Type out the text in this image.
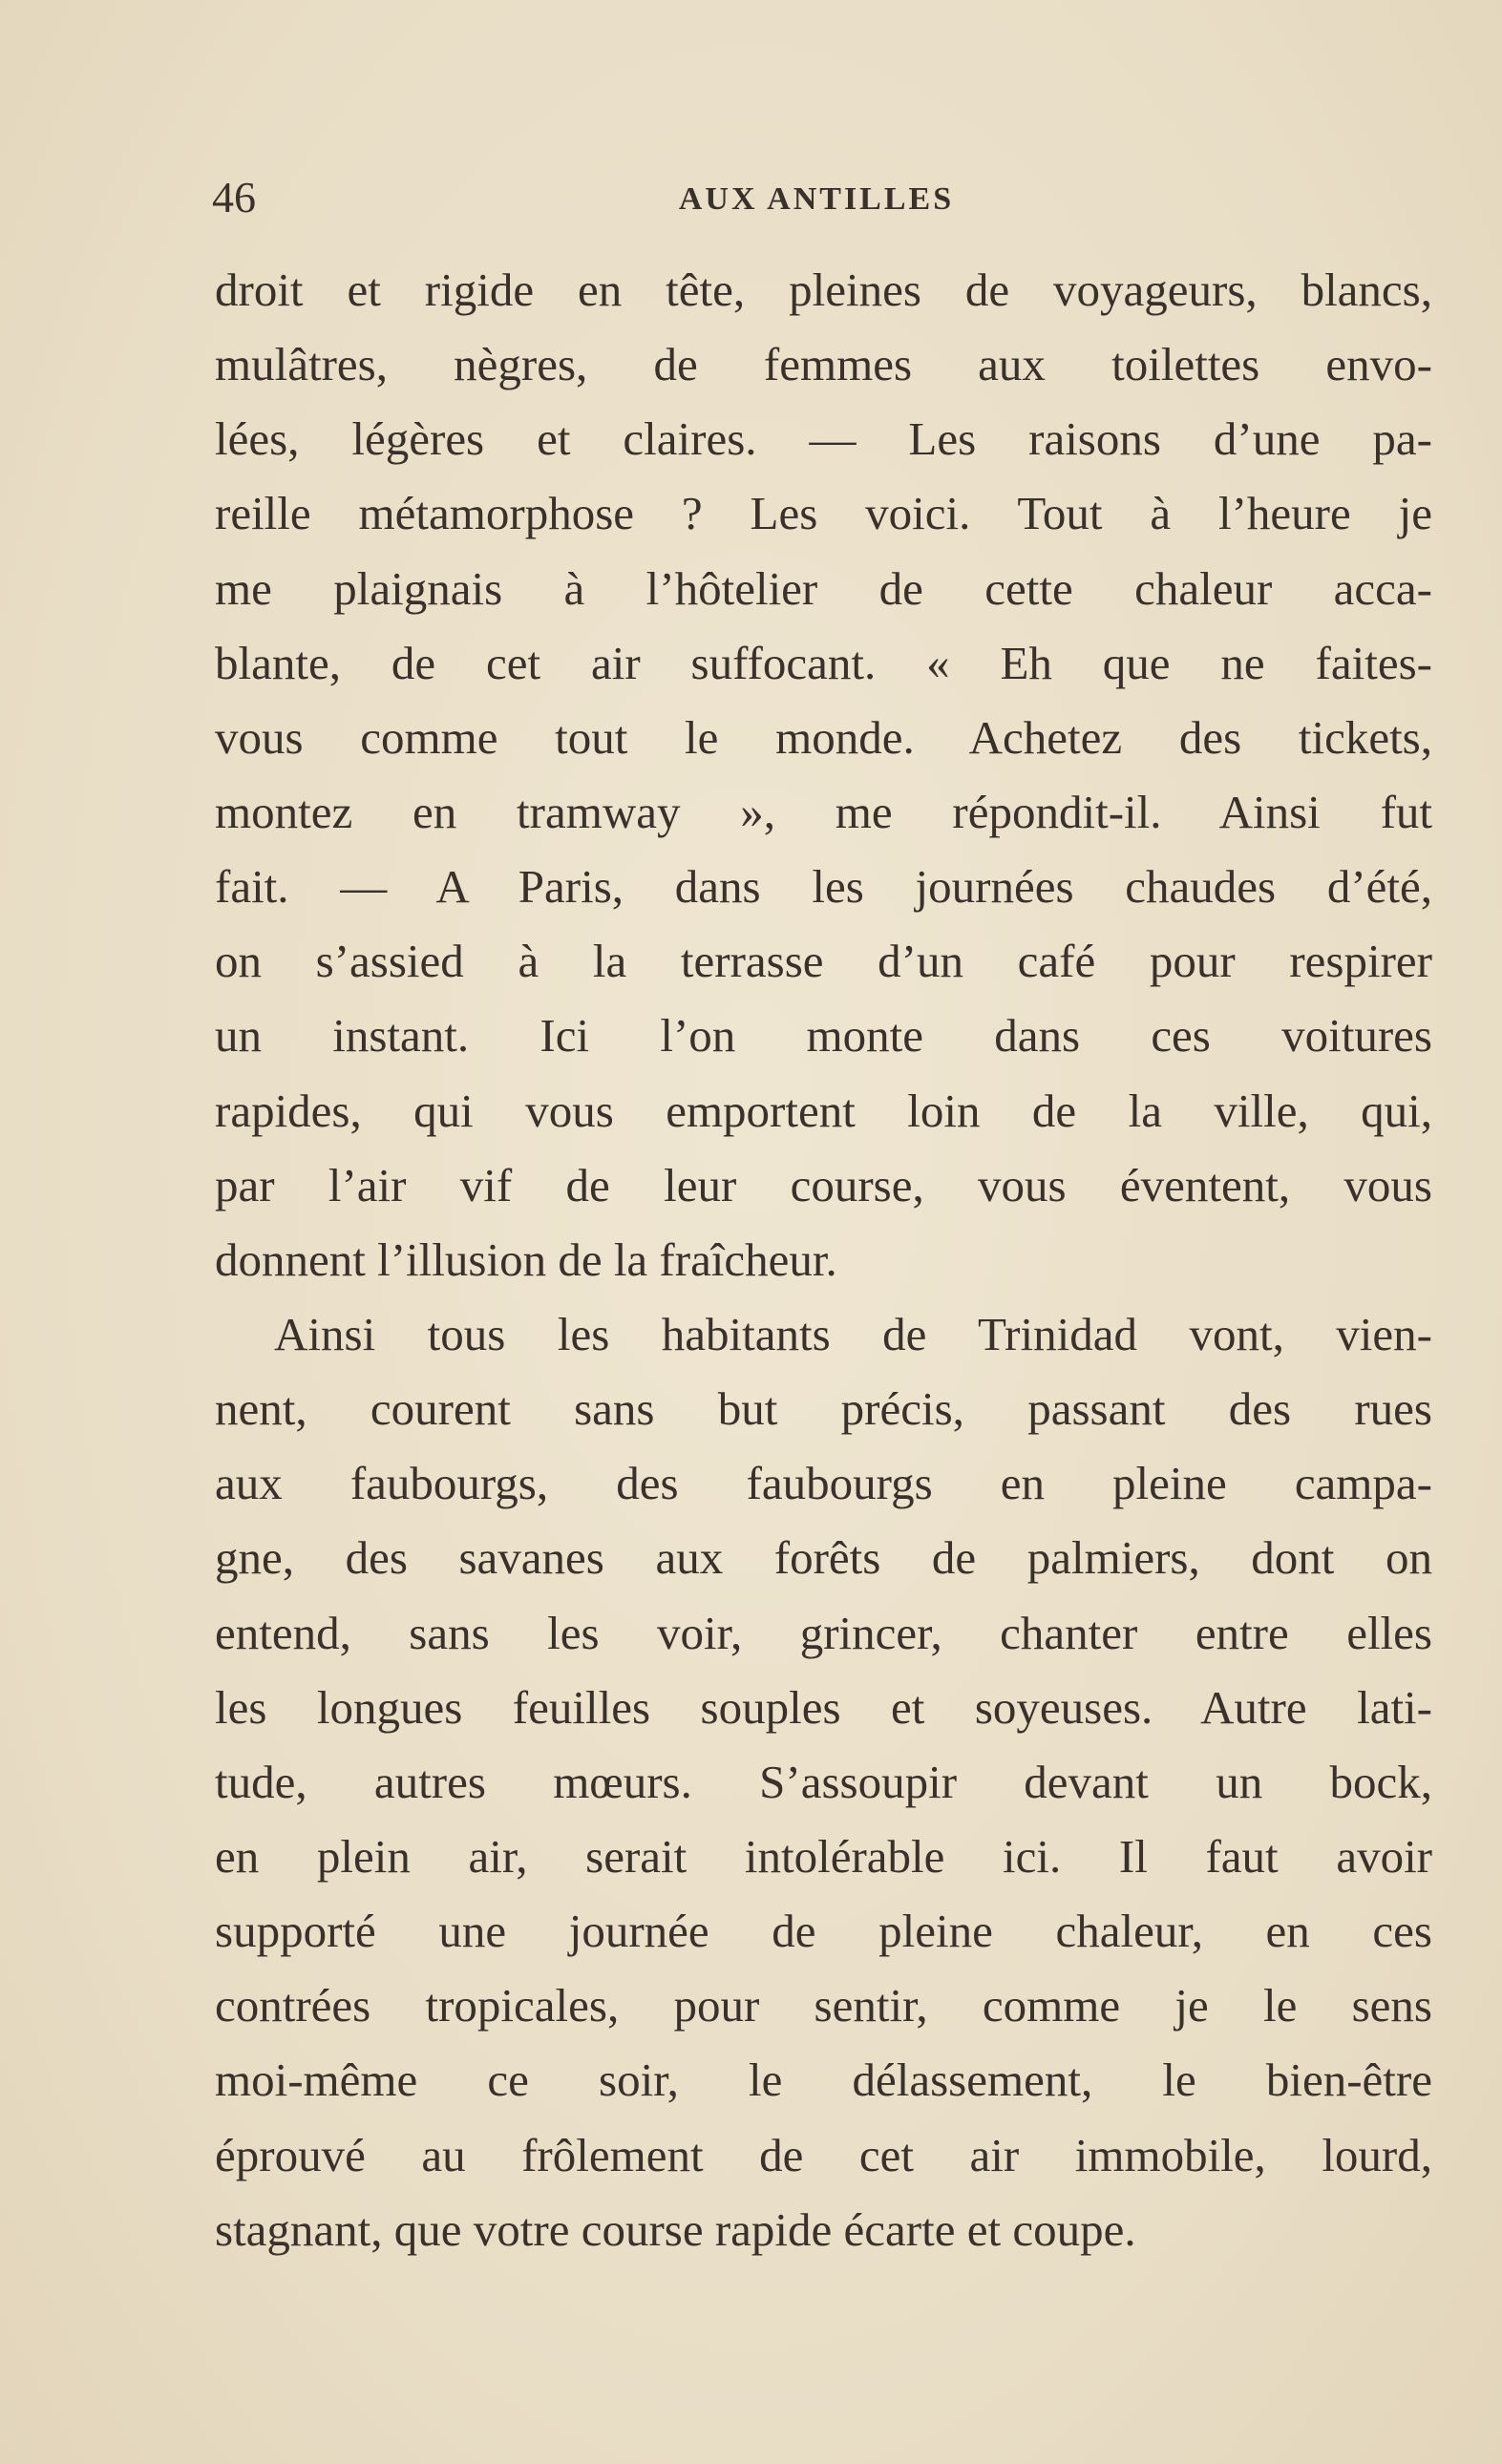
46	AUX ANTILLES
droit et rigide en tête, pleines de voyageurs, blancs,
mulâtres, nègres, de femmes aux toilettes envo-
lées, légères et claires. — Les raisons d’une pa-
reille métamorphose ? Les voici. Tout à l’heure je
me plaignais à l’hôtelier de cette chaleur acca-
blante, de cet air suffocant. « Eh que ne faites-
vous comme tout le monde. Achetez des tickets,
montez en tramway », me répondit-il. Ainsi fut
fait. — A Paris, dans les journées chaudes d’été,
on s’assied à la terrasse d’un café pour respirer
un instant. Ici l’on monte dans ces voitures
rapides, qui vous emportent loin de la ville, qui,
par l’air vif de leur course, vous éventent, vous
donnent l’illusion de la fraîcheur.
Ainsi tous les habitants de Trinidad vont, vien-
nent, courent sans but précis, passant des rues
aux faubourgs, des faubourgs en pleine campa-
gne, des savanes aux forêts de palmiers, dont on
entend, sans les voir, grincer, chanter entre elles
les longues feuilles souples et soyeuses. Autre lati-
tude, autres mœurs. S’assoupir devant un bock,
en plein air, serait intolérable ici. Il faut avoir
supporté une journée de pleine chaleur, en ces
contrées tropicales, pour sentir, comme je le sens
moi-même ce soir, le délassement, le bien-être
éprouvé au frôlement de cet air immobile, lourd,
stagnant, que votre course rapide écarte et coupe.
